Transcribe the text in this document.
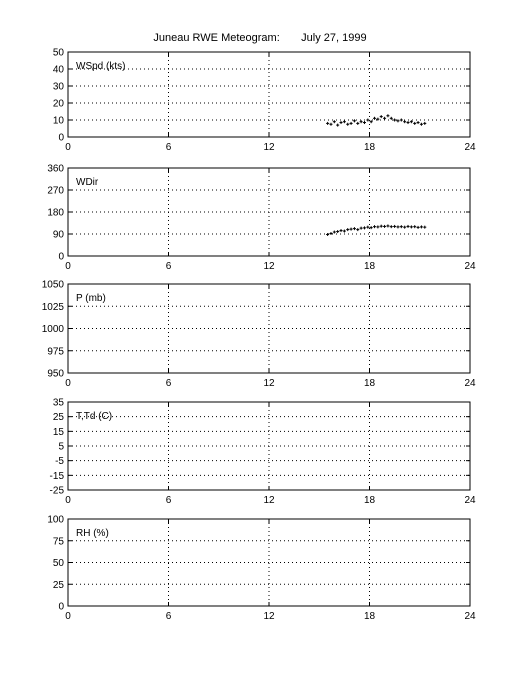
Juneau RWE Meteogram:       July 27, 1999
0	6	12	18	24
0
10
20
30
40
50
WSpd (kts)
0	6	12	18	24
0
90
180
270
360
WDir
0	6	12	18	24
950
975
1000
1025
1050
P (mb)
0	6	12	18	24
-25
-15
-5
5
15
25
35
T,Td (C)
0	6	12	18	24
0
25
50
75
100
RH (%)
